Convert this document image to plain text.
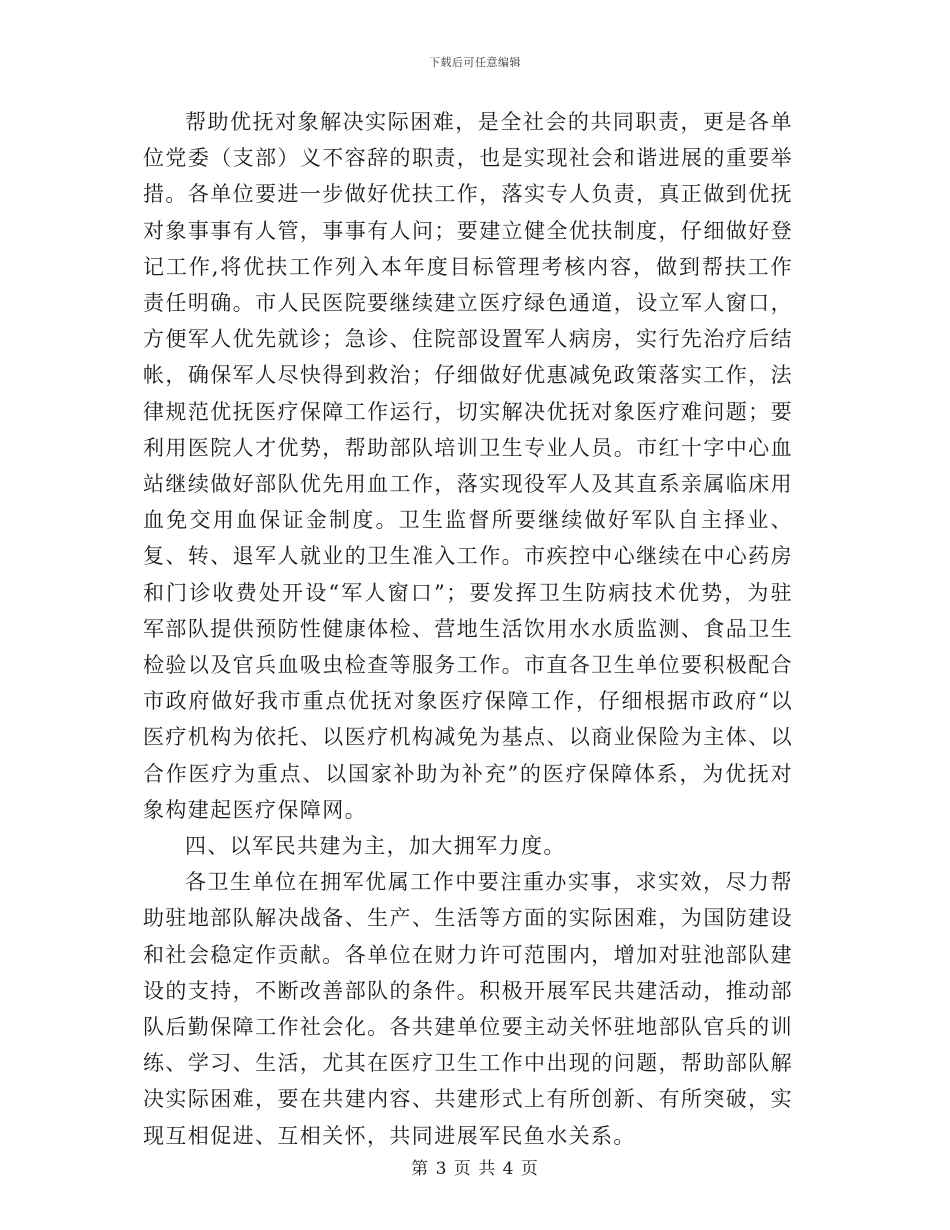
下载后可任意编辑

帮助优抚对象解决实际困难，是全社会的共同职责，更是各单位党委（支部）义不容辞的职责，也是实现社会和谐进展的重要举措。各单位要进一步做好优扶工作，落实专人负责，真正做到优抚对象事事有人管，事事有人问；要建立健全优扶制度，仔细做好登记工作,将优扶工作列入本年度目标管理考核内容，做到帮扶工作责任明确。市人民医院要继续建立医疗绿色通道，设立军人窗口，方便军人优先就诊；急诊、住院部设置军人病房，实行先治疗后结帐，确保军人尽快得到救治；仔细做好优惠减免政策落实工作，法律规范优抚医疗保障工作运行，切实解决优抚对象医疗难问题；要利用医院人才优势，帮助部队培训卫生专业人员。市红十字中心血站继续做好部队优先用血工作，落实现役军人及其直系亲属临床用血免交用血保证金制度。卫生监督所要继续做好军队自主择业、复、转、退军人就业的卫生准入工作。市疾控中心继续在中心药房和门诊收费处开设“军人窗口”；要发挥卫生防病技术优势，为驻军部队提供预防性健康体检、营地生活饮用水水质监测、食品卫生检验以及官兵血吸虫检查等服务工作。市直各卫生单位要积极配合市政府做好我市重点优抚对象医疗保障工作，仔细根据市政府“以医疗机构为依托、以医疗机构减免为基点、以商业保险为主体、以合作医疗为重点、以国家补助为补充”的医疗保障体系，为优抚对象构建起医疗保障网。

四、以军民共建为主，加大拥军力度。

各卫生单位在拥军优属工作中要注重办实事，求实效，尽力帮助驻地部队解决战备、生产、生活等方面的实际困难，为国防建设和社会稳定作贡献。各单位在财力许可范围内，增加对驻池部队建设的支持，不断改善部队的条件。积极开展军民共建活动，推动部队后勤保障工作社会化。各共建单位要主动关怀驻地部队官兵的训练、学习、生活，尤其在医疗卫生工作中出现的问题，帮助部队解决实际困难，要在共建内容、共建形式上有所创新、有所突破，实现互相促进、互相关怀，共同进展军民鱼水关系。

第 3 页 共 4 页
